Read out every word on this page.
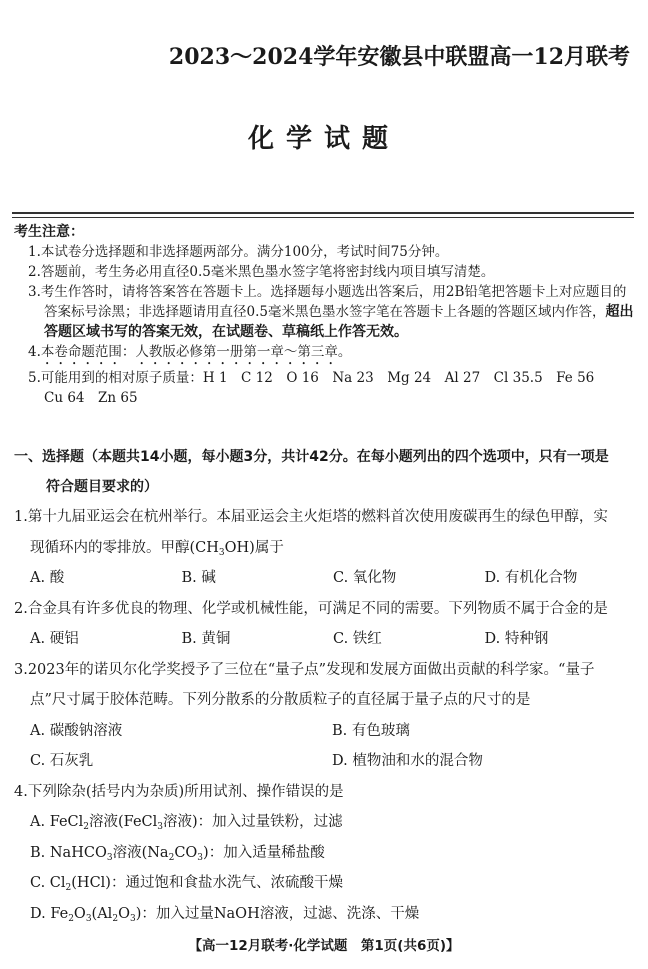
2023～2024学年安徽县中联盟高一12月联考
化学试题
考生注意：

1.本试卷分选择题和非选择题两部分。满分100分，考试时间75分钟。

2.答题前，考生务必用直径0.5毫米黑色墨水签字笔将密封线内项目填写清楚。

3.考生作答时，请将答案答在答题卡上。选择题每小题选出答案后，用2B铅笔把答题卡上对应题目的答案标号涂黑；非选择题请用直径0.5毫米黑色墨水签字笔在答题卡上各题的答题区域内作答，超出答题区域书写的答案无效，在试题卷、草稿纸上作答无效。

4.本卷命题范围：人教版必修第一册第一章～第三章。

5.可能用到的相对原子质量：H 1　C 12　O 16　Na 23　Mg 24　Al 27　Cl 35.5　Fe 56
Cu 64　Zn 65

一、选择题（本题共14小题，每小题3分，共计42分。在每小题列出的四个选项中，只有一项是
符合题目要求的）
1.第十九届亚运会在杭州举行。本届亚运会主火炬塔的燃料首次使用废碳再生的绿色甲醇，实
现循环内的零排放。甲醇$(CH_3OH)$属于
A. 酸	B. 碱	C. 氧化物	D. 有机化合物
2.合金具有许多优良的物理、化学或机械性能，可满足不同的需要。下列物质不属于合金的是
A. 硬铝	B. 黄铜	C. 铁红	D. 特种钢
3.2023年的诺贝尔化学奖授予了三位在“量子点”发现和发展方面做出贡献的科学家。“量子
点”尺寸属于胶体范畴。下列分散系的分散质粒子的直径属于量子点的尺寸的是
A. 碳酸钠溶液	B. 有色玻璃
C. 石灰乳	D. 植物油和水的混合物
4.下列除杂(括号内为杂质)所用试剂、操作错误的是
A. FeCl$_2$溶液(FeCl$_3$溶液)：加入过量铁粉，过滤
B. NaHCO$_3$溶液$(Na_2CO_3)$：加入适量稀盐酸
C. $Cl_2(HCl)$：通过饱和食盐水洗气、浓硫酸干燥
D. $Fe_2O_3(Al_2O_3)$：加入过量NaOH溶液，过滤、洗涤、干燥
【高一12月联考·化学试题　第1页(共6页)】
